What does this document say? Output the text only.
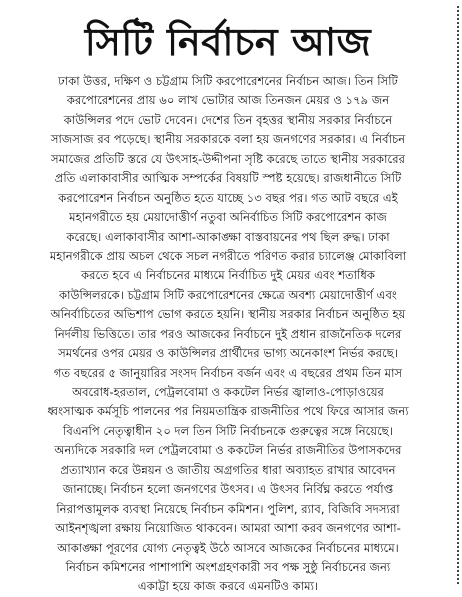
সিটি নির্বাচন আজ
ঢাকা উত্তর, দক্ষিণ ও চট্টগ্রাম সিটি করপোরেশনের নির্বাচন আজ। তিন সিটি
করপোরেশনের প্রায় ৬০ লাখ ভোটার আজ তিনজন মেয়র ও ১৭৯ জন
কাউন্সিলর পদে ভোট দেবেন। দেশের তিন বৃহত্তর স্থানীয় সরকার নির্বাচনে
সাজসাজ রব পড়েছে। স্থানীয় সরকারকে বলা হয় জনগণের সরকার। এ নির্বাচন
সমাজের প্রতিটি স্তরে যে উৎসাহ-উদ্দীপনা সৃষ্টি করেছে তাতে স্থানীয় সরকারের
প্রতি এলাকাবাসীর আত্মিক সম্পর্কের বিষয়টি স্পষ্ট হয়েছে। রাজধানীতে সিটি
করপোরেশন নির্বাচন অনুষ্ঠিত হতে যাচ্ছে ১৩ বছর পর। গত আট বছরে এই
মহানগরীতে হয় মেয়াদোত্তীর্ণ নতুবা অনির্বাচিত সিটি করপোরেশন কাজ
করেছে। এলাকাবাসীর আশা-আকাঙ্ক্ষা বাস্তবায়নের পথ ছিল রুদ্ধ। ঢাকা
মহানগরীকে প্রায় অচল থেকে সচল নগরীতে পরিণত করার চ্যালেঞ্জ মোকাবিলা
করতে হবে এ নির্বাচনের মাধ্যমে নির্বাচিত দুই মেয়র এবং শতাধিক
কাউন্সিলরকে। চট্টগ্রাম সিটি করপোরেশনের ক্ষেত্রে অবশ্য মেয়াদোত্তীর্ণ এবং
অনির্বাচিতের অভিশাপ ভোগ করতে হয়নি। স্থানীয় সরকার নির্বাচন অনুষ্ঠিত হয়
নির্দলীয় ভিত্তিতে। তার পরও আজকের নির্বাচনে দুই প্রধান রাজনৈতিক দলের
সমর্থনের ওপর মেয়র ও কাউন্সিলর প্রার্থীদের ভাগ্য অনেকাংশ নির্ভর করছে।
গত বছরের ৫ জানুয়ারির সংসদ নির্বাচন বর্জন এবং এ বছরের প্রথম তিন মাস
অবরোধ-হরতাল, পেট্রলবোমা ও ককটেল নির্ভর জ্বালাও-পোড়াওয়ের
ধ্বংসাত্মক কর্মসূচি পালনের পর নিয়মতান্ত্রিক রাজনীতির পথে ফিরে আসার জন্য
বিএনপি নেতৃত্বাধীন ২০ দল তিন সিটি নির্বাচনকে গুরুত্বের সঙ্গে নিয়েছে।
অন্যদিকে সরকারি দল পেট্রলবোমা ও ককটেল নির্ভর রাজনীতির উপাসকদের
প্রত্যাখ্যান করে উন্নয়ন ও জাতীয় অগ্রগতির ধারা অব্যাহত রাখার আবেদন
জানাচ্ছে। নির্বাচন হলো জনগণের উৎসব। এ উৎসব নির্বিঘ্ন করতে পর্যাপ্ত
নিরাপত্তামূলক ব্যবস্থা নিয়েছে নির্বাচন কমিশন। পুলিশ, র‌্যাব, বিজিবি সদস্যরা
আইনশৃঙ্খলা রক্ষায় নিয়োজিত থাকবেন। আমরা আশা করব জনগণের আশা-
আকাঙ্ক্ষা পূরণের যোগ্য নেতৃত্বই উঠে আসবে আজকের নির্বাচনের মাধ্যমে।
নির্বাচন কমিশনের পাশাপাশি অংশগ্রহণকারী সব পক্ষ সুষ্ঠু নির্বাচনের জন্য
একাট্টা হয়ে কাজ করবে এমনটিও কাম্য।
